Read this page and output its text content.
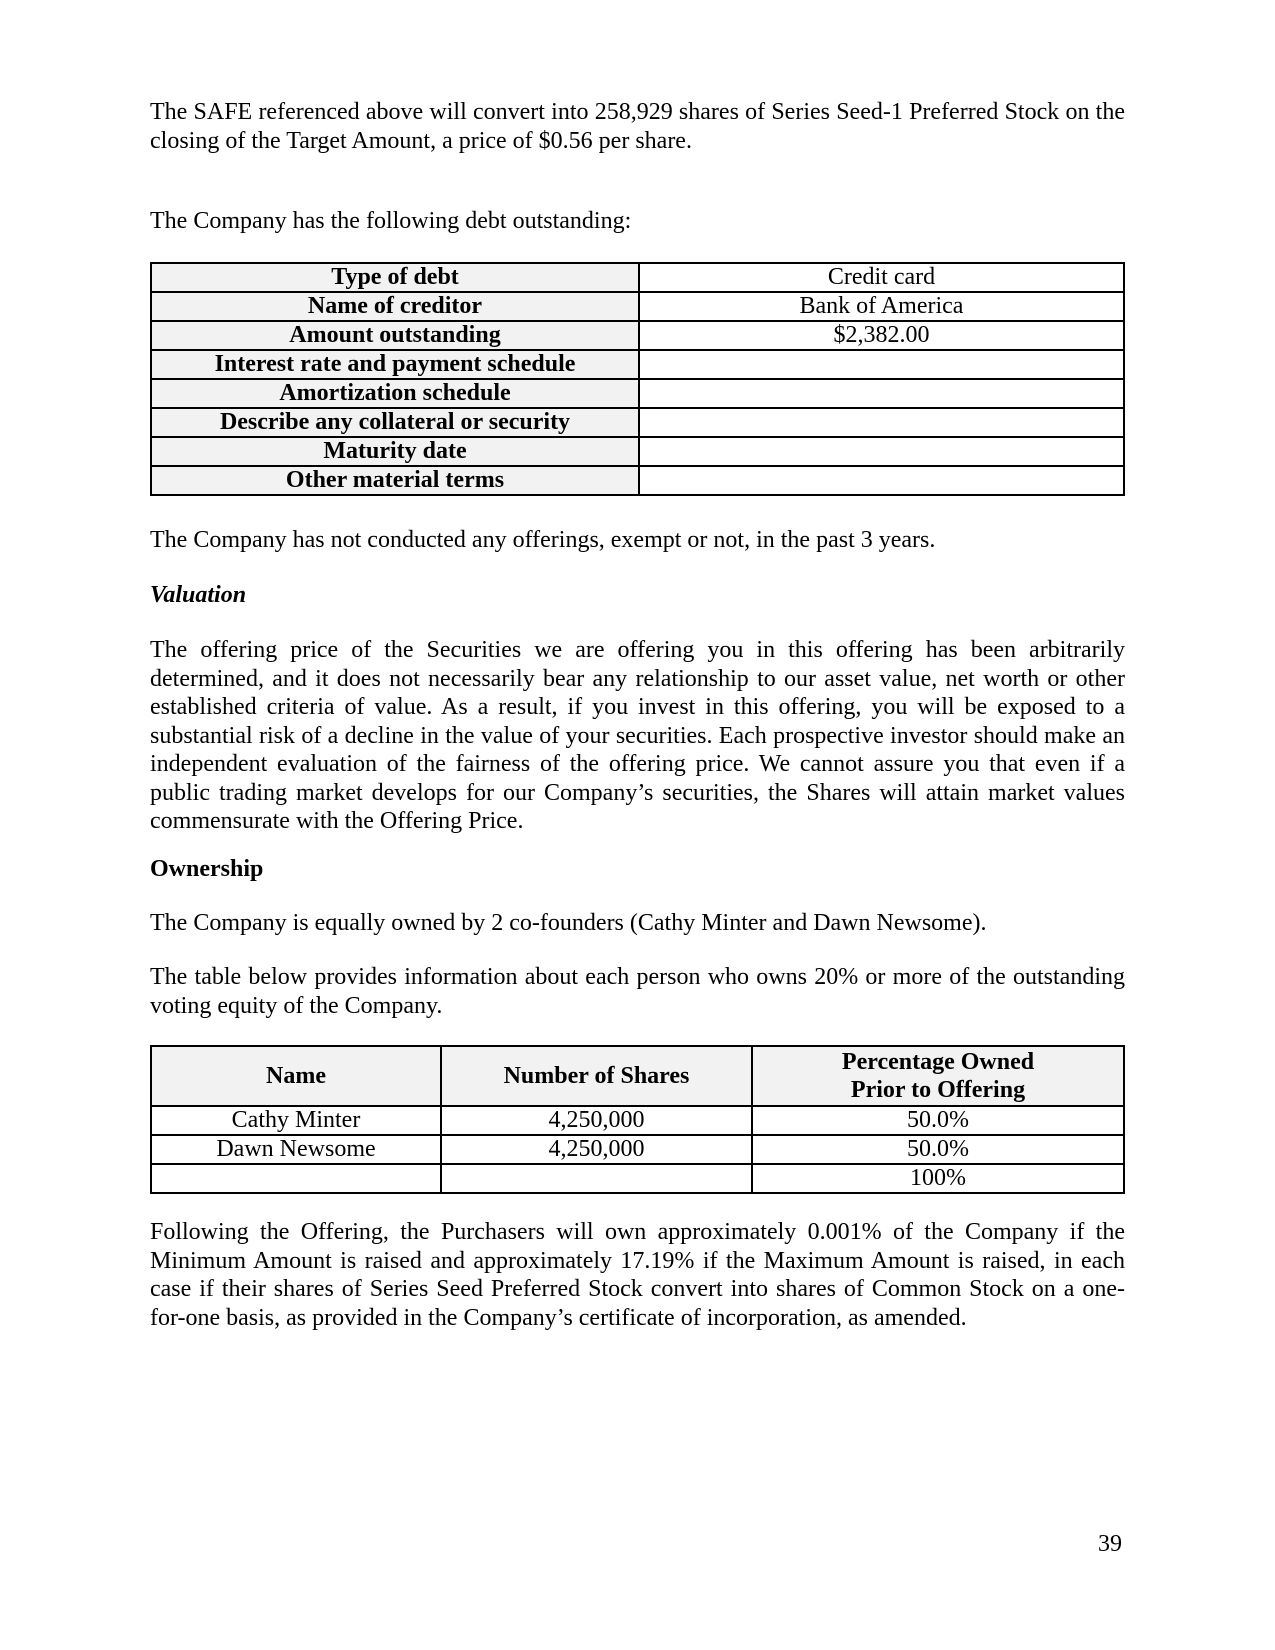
The SAFE referenced above will convert into 258,929 shares of Series Seed-1 Preferred Stock on the closing of the Target Amount, a price of $0.56 per share.

The Company has the following debt outstanding:

Type of debt	Credit card
Name of creditor	Bank of America
Amount outstanding	$2,382.00
Interest rate and payment schedule	
Amortization schedule	
Describe any collateral or security	
Maturity date	
Other material terms	

The Company has not conducted any offerings, exempt or not, in the past 3 years.

Valuation

The offering price of the Securities we are offering you in this offering has been arbitrarily determined, and it does not necessarily bear any relationship to our asset value, net worth or other established criteria of value. As a result, if you invest in this offering, you will be exposed to a substantial risk of a decline in the value of your securities. Each prospective investor should make an independent evaluation of the fairness of the offering price. We cannot assure you that even if a public trading market develops for our Company’s securities, the Shares will attain market values commensurate with the Offering Price.

Ownership

The Company is equally owned by 2 co-founders (Cathy Minter and Dawn Newsome).

The table below provides information about each person who owns 20% or more of the outstanding voting equity of the Company.

Name	Number of Shares	Percentage Owned
Prior to Offering
Cathy Minter	4,250,000	50.0%
Dawn Newsome	4,250,000	50.0%
		100%

Following the Offering, the Purchasers will own approximately 0.001% of the Company if the Minimum Amount is raised and approximately 17.19% if the Maximum Amount is raised, in each case if their shares of Series Seed Preferred Stock convert into shares of Common Stock on a one-for-one basis, as provided in the Company’s certificate of incorporation, as amended.

39
